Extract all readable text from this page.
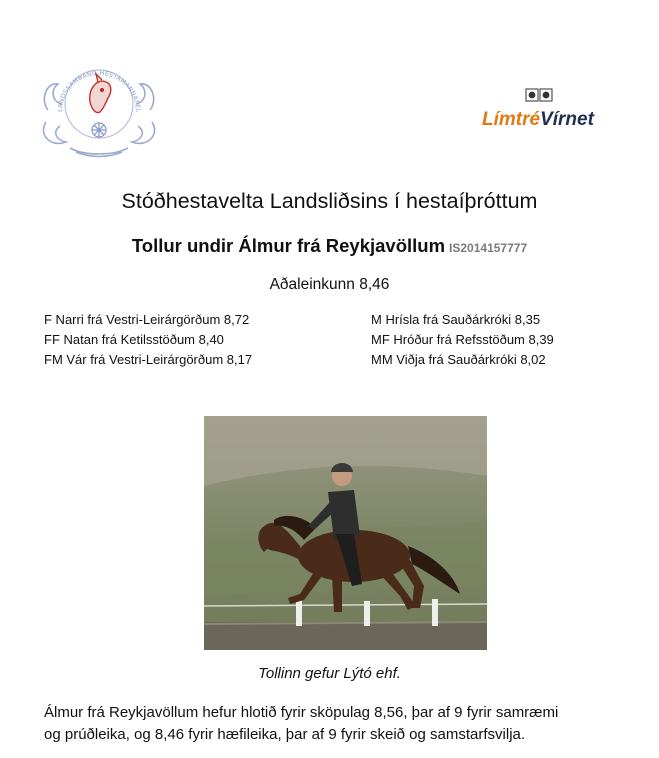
LANDSSAMBAND HESTAMANNAFÉL	LímtréVírnet
Stóðhestavelta Landsliðsins í hestaíþróttum
Tollur undir Álmur frá Reykjavöllum IS2014157777
Aðaleinkunn 8,46
F Narri frá Vestri-Leirárgörðum 8,72
FF Natan frá Ketilsstöðum 8,40
FM Vár frá Vestri-Leirárgörðum 8,17
M Hrísla frá Sauðárkróki 8,35
MF Hróður frá Refsstöðum 8,39
MM Viðja frá Sauðárkróki 8,02
Tollinn gefur Lýtó ehf.
Álmur frá Reykjavöllum hefur hlotið fyrir sköpulag 8,56, þar af 9 fyrir samræmi
og prúðleika, og 8,46 fyrir hæfileika, þar af 9 fyrir skeið og samstarfsvilja.
